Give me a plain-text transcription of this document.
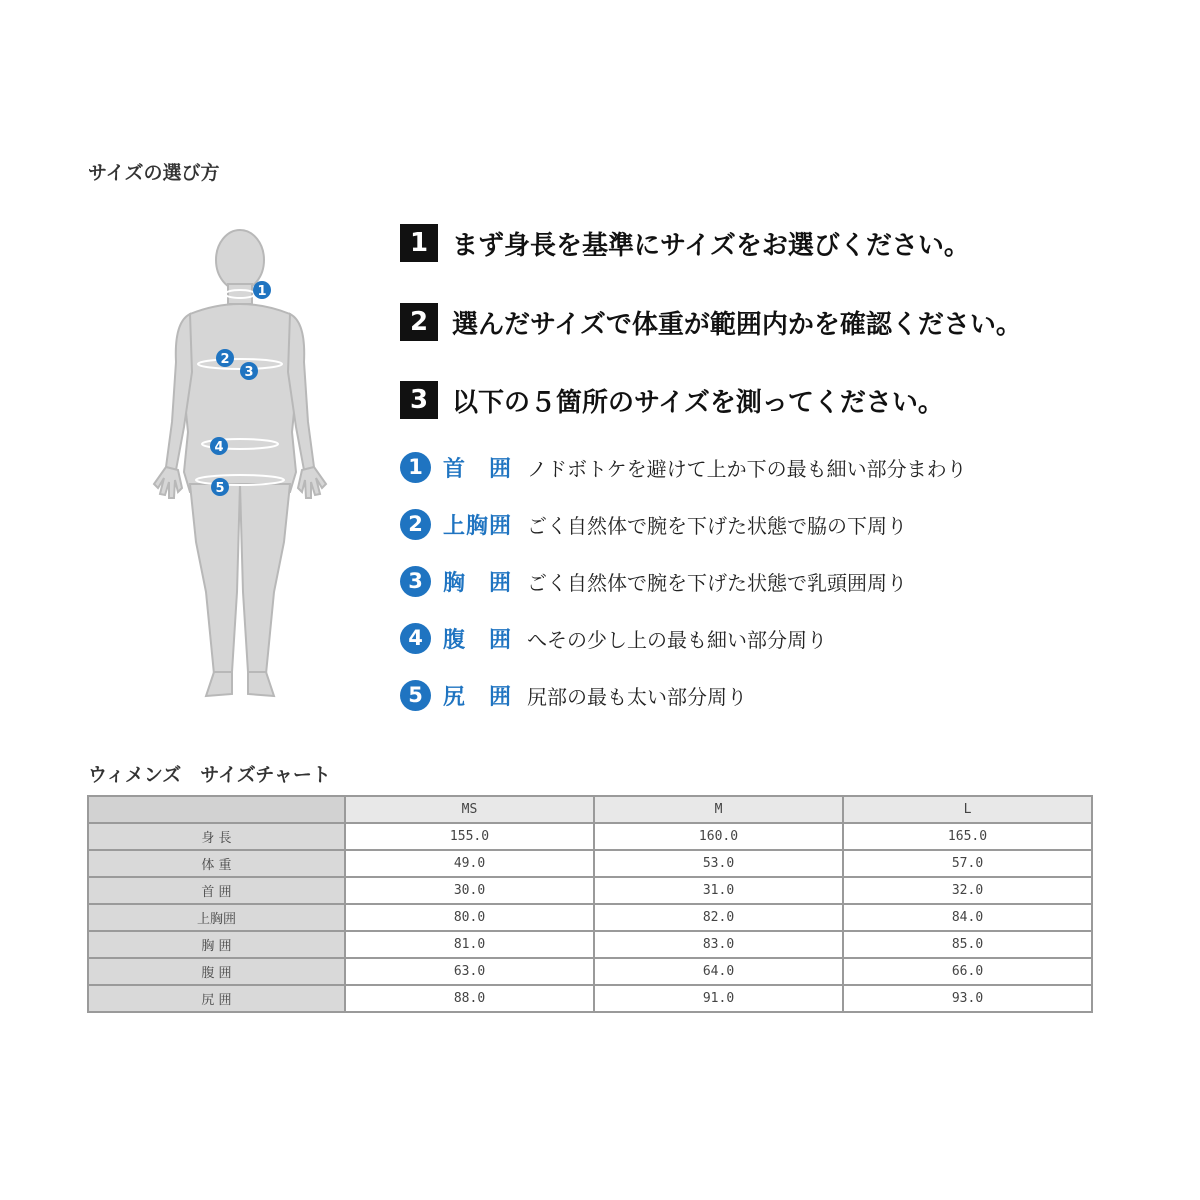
サイズの選び方
1
2
3
4
5
1 まず身長を基準にサイズをお選びください。
2 選んだサイズで体重が範囲内かを確認ください。
3 以下の５箇所のサイズを測ってください。
1 首　囲 ノドボトケを避けて上か下の最も細い部分まわり
2 上胸囲 ごく自然体で腕を下げた状態で脇の下周り
3 胸　囲 ごく自然体で腕を下げた状態で乳頭囲周り
4 腹　囲 へその少し上の最も細い部分周り
5 尻　囲 尻部の最も太い部分周り
ウィメンズ　サイズチャート
	MS	M	L
身 長	155.0	160.0	165.0
体 重	49.0	53.0	57.0
首 囲	30.0	31.0	32.0
上胸囲	80.0	82.0	84.0
胸 囲	81.0	83.0	85.0
腹 囲	63.0	64.0	66.0
尻 囲	88.0	91.0	93.0
